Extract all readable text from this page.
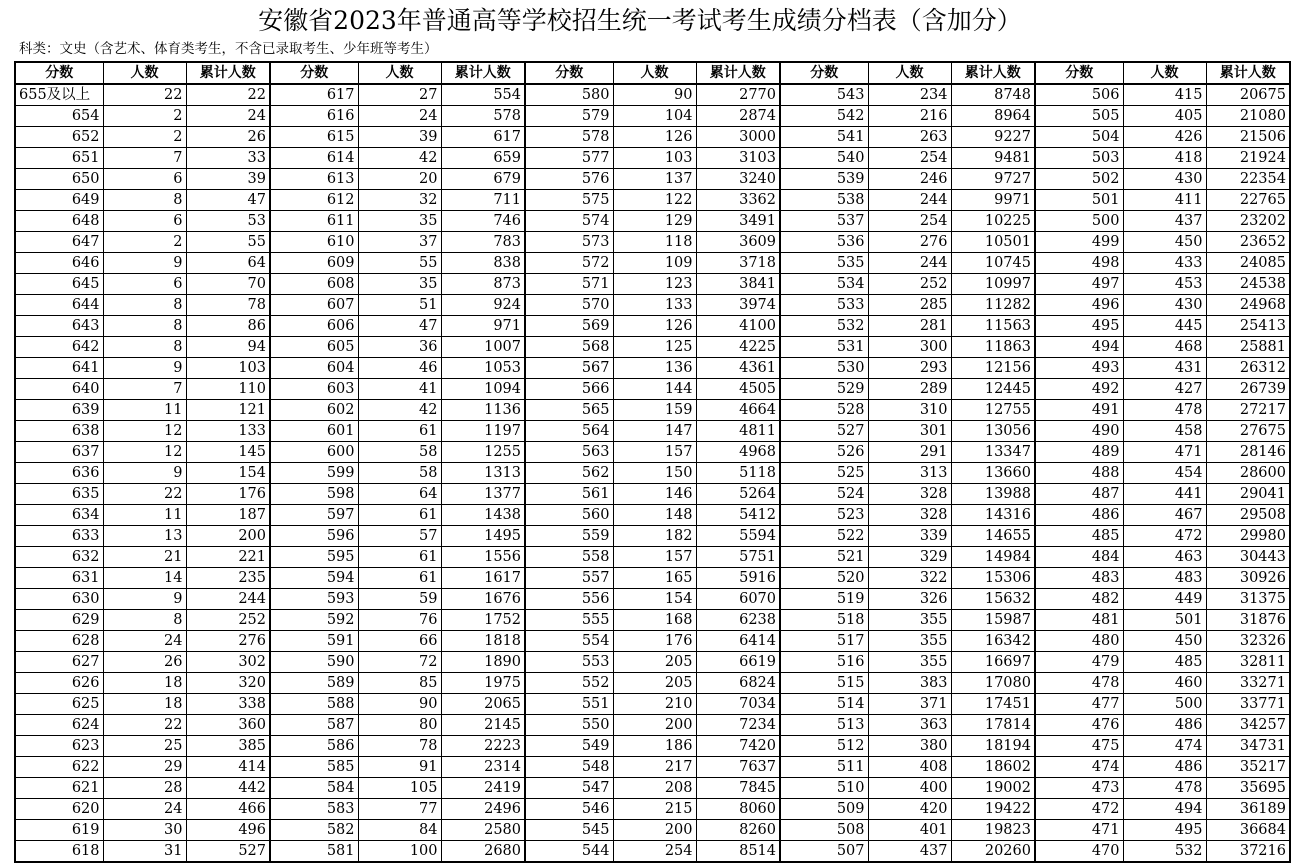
安徽省2023年普通高等学校招生统一考试考生成绩分档表（含加分）
科类：文史（含艺术、体育类考生，不含已录取考生、少年班等考生）
分数	人数	累计人数	分数	人数	累计人数	分数	人数	累计人数	分数	人数	累计人数	分数	人数	累计人数
655及以上	22	22	617	27	554	580	90	2770	543	234	8748	506	415	20675
654	2	24	616	24	578	579	104	2874	542	216	8964	505	405	21080
652	2	26	615	39	617	578	126	3000	541	263	9227	504	426	21506
651	7	33	614	42	659	577	103	3103	540	254	9481	503	418	21924
650	6	39	613	20	679	576	137	3240	539	246	9727	502	430	22354
649	8	47	612	32	711	575	122	3362	538	244	9971	501	411	22765
648	6	53	611	35	746	574	129	3491	537	254	10225	500	437	23202
647	2	55	610	37	783	573	118	3609	536	276	10501	499	450	23652
646	9	64	609	55	838	572	109	3718	535	244	10745	498	433	24085
645	6	70	608	35	873	571	123	3841	534	252	10997	497	453	24538
644	8	78	607	51	924	570	133	3974	533	285	11282	496	430	24968
643	8	86	606	47	971	569	126	4100	532	281	11563	495	445	25413
642	8	94	605	36	1007	568	125	4225	531	300	11863	494	468	25881
641	9	103	604	46	1053	567	136	4361	530	293	12156	493	431	26312
640	7	110	603	41	1094	566	144	4505	529	289	12445	492	427	26739
639	11	121	602	42	1136	565	159	4664	528	310	12755	491	478	27217
638	12	133	601	61	1197	564	147	4811	527	301	13056	490	458	27675
637	12	145	600	58	1255	563	157	4968	526	291	13347	489	471	28146
636	9	154	599	58	1313	562	150	5118	525	313	13660	488	454	28600
635	22	176	598	64	1377	561	146	5264	524	328	13988	487	441	29041
634	11	187	597	61	1438	560	148	5412	523	328	14316	486	467	29508
633	13	200	596	57	1495	559	182	5594	522	339	14655	485	472	29980
632	21	221	595	61	1556	558	157	5751	521	329	14984	484	463	30443
631	14	235	594	61	1617	557	165	5916	520	322	15306	483	483	30926
630	9	244	593	59	1676	556	154	6070	519	326	15632	482	449	31375
629	8	252	592	76	1752	555	168	6238	518	355	15987	481	501	31876
628	24	276	591	66	1818	554	176	6414	517	355	16342	480	450	32326
627	26	302	590	72	1890	553	205	6619	516	355	16697	479	485	32811
626	18	320	589	85	1975	552	205	6824	515	383	17080	478	460	33271
625	18	338	588	90	2065	551	210	7034	514	371	17451	477	500	33771
624	22	360	587	80	2145	550	200	7234	513	363	17814	476	486	34257
623	25	385	586	78	2223	549	186	7420	512	380	18194	475	474	34731
622	29	414	585	91	2314	548	217	7637	511	408	18602	474	486	35217
621	28	442	584	105	2419	547	208	7845	510	400	19002	473	478	35695
620	24	466	583	77	2496	546	215	8060	509	420	19422	472	494	36189
619	30	496	582	84	2580	545	200	8260	508	401	19823	471	495	36684
618	31	527	581	100	2680	544	254	8514	507	437	20260	470	532	37216
